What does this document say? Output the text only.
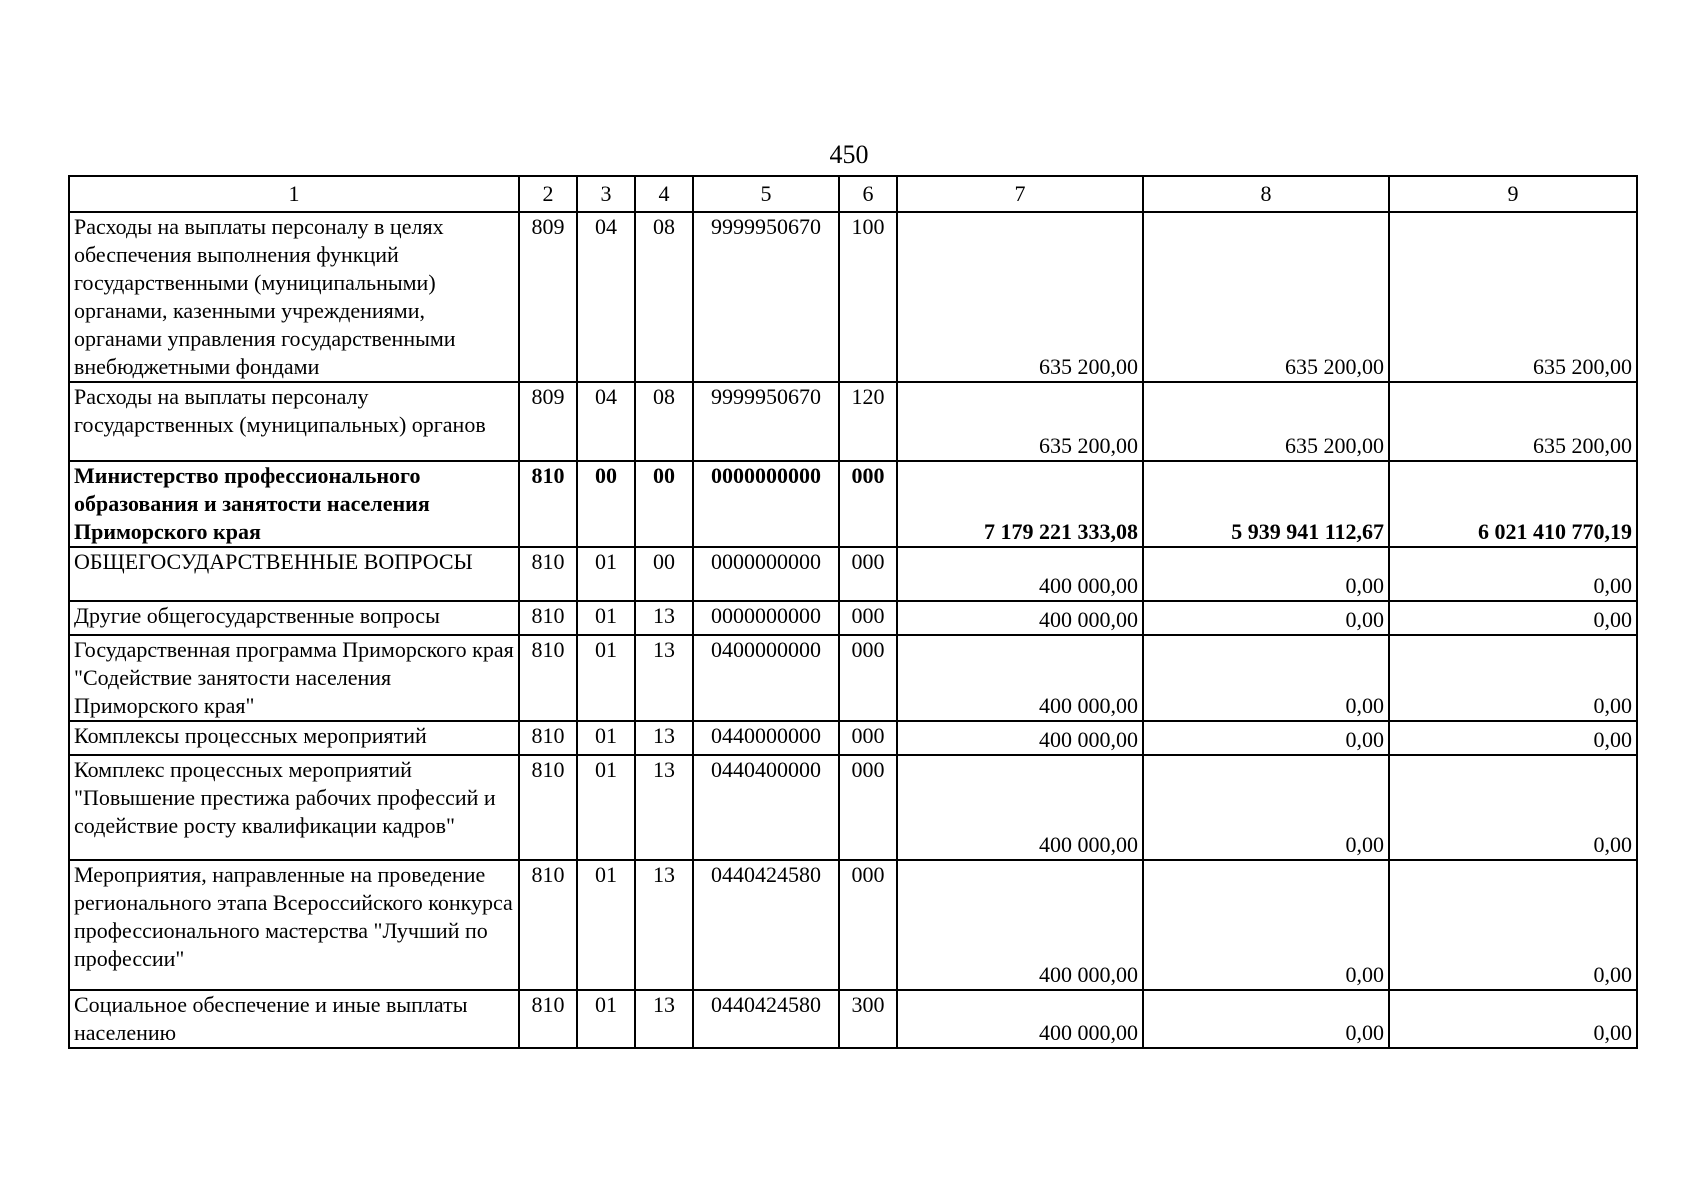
450
1	2	3	4	5	6	7	8	9
Расходы на выплаты персоналу в целях обеспечения выполнения функций государственными (муниципальными) органами, казенными учреждениями, органами управления государственными внебюджетными фондами	809	04	08	9999950670	100	635 200,00	635 200,00	635 200,00
Расходы на выплаты персоналу государственных (муниципальных) органов	809	04	08	9999950670	120	635 200,00	635 200,00	635 200,00
Министерство профессионального образования и занятости населения Приморского края	810	00	00	0000000000	000	7 179 221 333,08	5 939 941 112,67	6 021 410 770,19
ОБЩЕГОСУДАРСТВЕННЫЕ ВОПРОСЫ	810	01	00	0000000000	000	400 000,00	0,00	0,00
Другие общегосударственные вопросы	810	01	13	0000000000	000	400 000,00	0,00	0,00
Государственная программа Приморского края "Содействие занятости населения Приморского края"	810	01	13	0400000000	000	400 000,00	0,00	0,00
Комплексы процессных мероприятий	810	01	13	0440000000	000	400 000,00	0,00	0,00
Комплекс процессных мероприятий "Повышение престижа рабочих профессий и содействие росту квалификации кадров"	810	01	13	0440400000	000	400 000,00	0,00	0,00
Мероприятия, направленные на проведение регионального этапа Всероссийского конкурса профессионального мастерства "Лучший по профессии"	810	01	13	0440424580	000	400 000,00	0,00	0,00
Социальное обеспечение и иные выплаты населению	810	01	13	0440424580	300	400 000,00	0,00	0,00
